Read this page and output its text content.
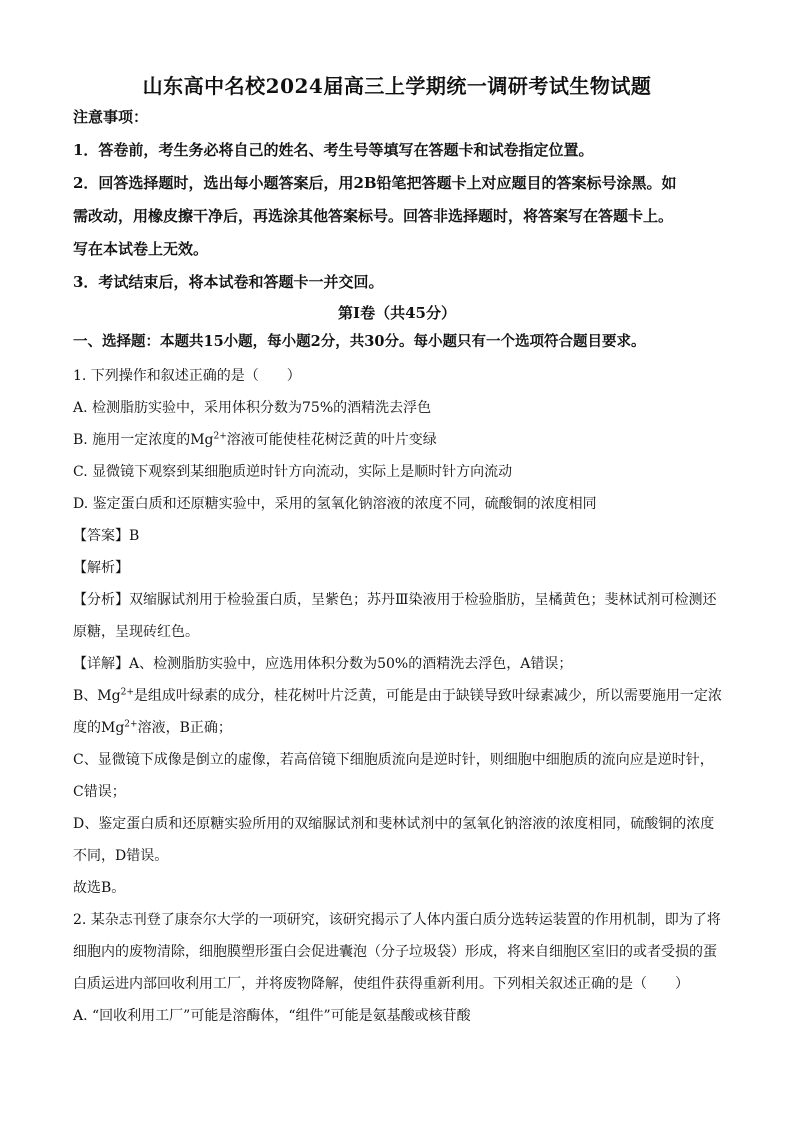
山东高中名校2024届高三上学期统一调研考试生物试题
注意事项：
1．答卷前，考生务必将自己的姓名、考生号等填写在答题卡和试卷指定位置。
2．回答选择题时，选出每小题答案后，用2B铅笔把答题卡上对应题目的答案标号涂黑。如
需改动，用橡皮擦干净后，再选涂其他答案标号。回答非选择题时，将答案写在答题卡上。
写在本试卷上无效。
3．考试结束后，将本试卷和答题卡一并交回。
第I卷（共45分）
一、选择题：本题共15小题，每小题2分，共30分。每小题只有一个选项符合题目要求。
1. 下列操作和叙述正确的是（　　）
A. 检测脂肪实验中，采用体积分数为75%的酒精洗去浮色
B. 施用一定浓度的$Mg^{2+}$溶液可能使桂花树泛黄的叶片变绿
C. 显微镜下观察到某细胞质逆时针方向流动，实际上是顺时针方向流动
D. 鉴定蛋白质和还原糖实验中，采用的氢氧化钠溶液的浓度不同，硫酸铜的浓度相同
【答案】B
【解析】
【分析】双缩脲试剂用于检验蛋白质，呈紫色；苏丹Ⅲ染液用于检验脂肪，呈橘黄色；斐林试剂可检测还
原糖，呈现砖红色。
【详解】A、检测脂肪实验中，应选用体积分数为50%的酒精洗去浮色，A错误；
B、$Mg^{2+}$是组成叶绿素的成分，桂花树叶片泛黄，可能是由于缺镁导致叶绿素减少，所以需要施用一定浓
度的$Mg^{2+}$溶液，B正确；
C、显微镜下成像是倒立的虚像，若高倍镜下细胞质流向是逆时针，则细胞中细胞质的流向应是逆时针，
C错误；
D、鉴定蛋白质和还原糖实验所用的双缩脲试剂和斐林试剂中的氢氧化钠溶液的浓度相同，硫酸铜的浓度
不同，D错误。
故选B。
2. 某杂志刊登了康奈尔大学的一项研究，该研究揭示了人体内蛋白质分选转运装置的作用机制，即为了将
细胞内的废物清除，细胞膜塑形蛋白会促进囊泡（分子垃圾袋）形成，将来自细胞区室旧的或者受损的蛋
白质运进内部回收利用工厂，并将废物降解，使组件获得重新利用。下列相关叙述正确的是（　　）
A. “回收利用工厂”可能是溶酶体，“组件”可能是氨基酸或核苷酸
